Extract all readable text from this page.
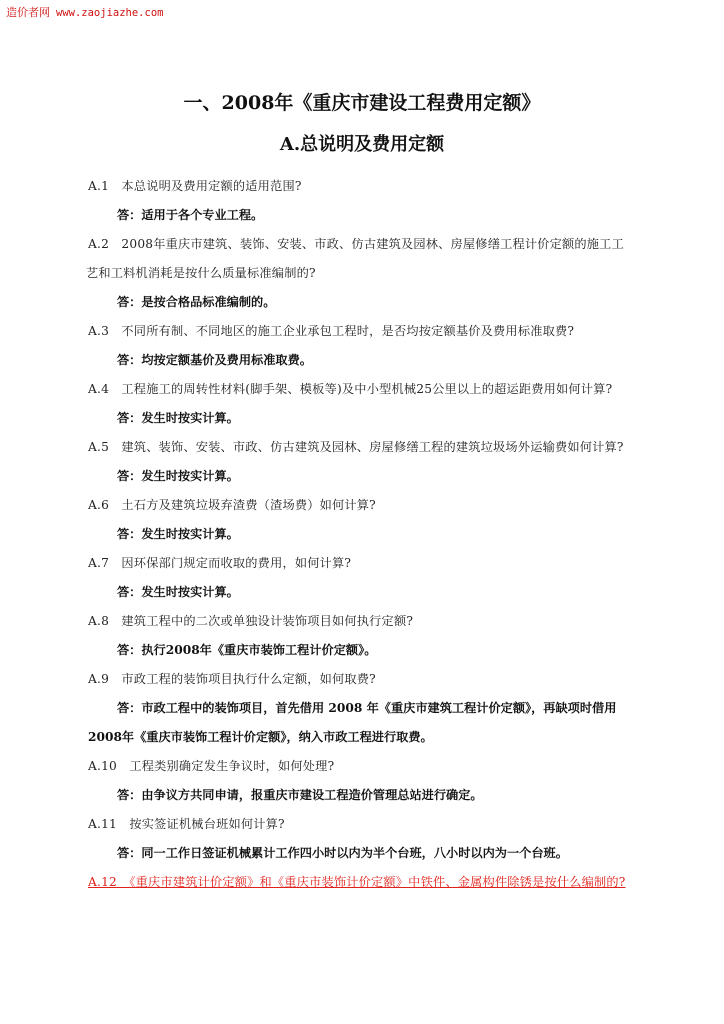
造价者网 www.zaojiazhe.com
一、2008年《重庆市建设工程费用定额》
A.总说明及费用定额
A.1　本总说明及费用定额的适用范围?
答：适用于各个专业工程。
A.2　2008年重庆市建筑、装饰、安装、市政、仿古建筑及园林、房屋修缮工程计价定额的施工工
艺和工料机消耗是按什么质量标准编制的?
答：是按合格品标准编制的。
A.3　不同所有制、不同地区的施工企业承包工程时，是否均按定额基价及费用标准取费?
答：均按定额基价及费用标准取费。
A.4　工程施工的周转性材料(脚手架、模板等)及中小型机械25公里以上的超运距费用如何计算?
答：发生时按实计算。
A.5　建筑、装饰、安装、市政、仿古建筑及园林、房屋修缮工程的建筑垃圾场外运输费如何计算?
答：发生时按实计算。
A.6　土石方及建筑垃圾弃渣费（渣场费）如何计算?
答：发生时按实计算。
A.7　因环保部门规定而收取的费用，如何计算?
答：发生时按实计算。
A.8　建筑工程中的二次或单独设计装饰项目如何执行定额?
答：执行2008年《重庆市装饰工程计价定额》。
A.9　市政工程的装饰项目执行什么定额，如何取费?
答：市政工程中的装饰项目，首先借用 2008 年《重庆市建筑工程计价定额》，再缺项时借用
2008年《重庆市装饰工程计价定额》，纳入市政工程进行取费。
A.10　工程类别确定发生争议时，如何处理?
答：由争议方共同申请，报重庆市建设工程造价管理总站进行确定。
A.11　按实签证机械台班如何计算?
答：同一工作日签证机械累计工作四小时以内为半个台班，八小时以内为一个台班。
A.12　《重庆市建筑计价定额》和《重庆市装饰计价定额》中铁件、金属构件除锈是按什么编制的?
